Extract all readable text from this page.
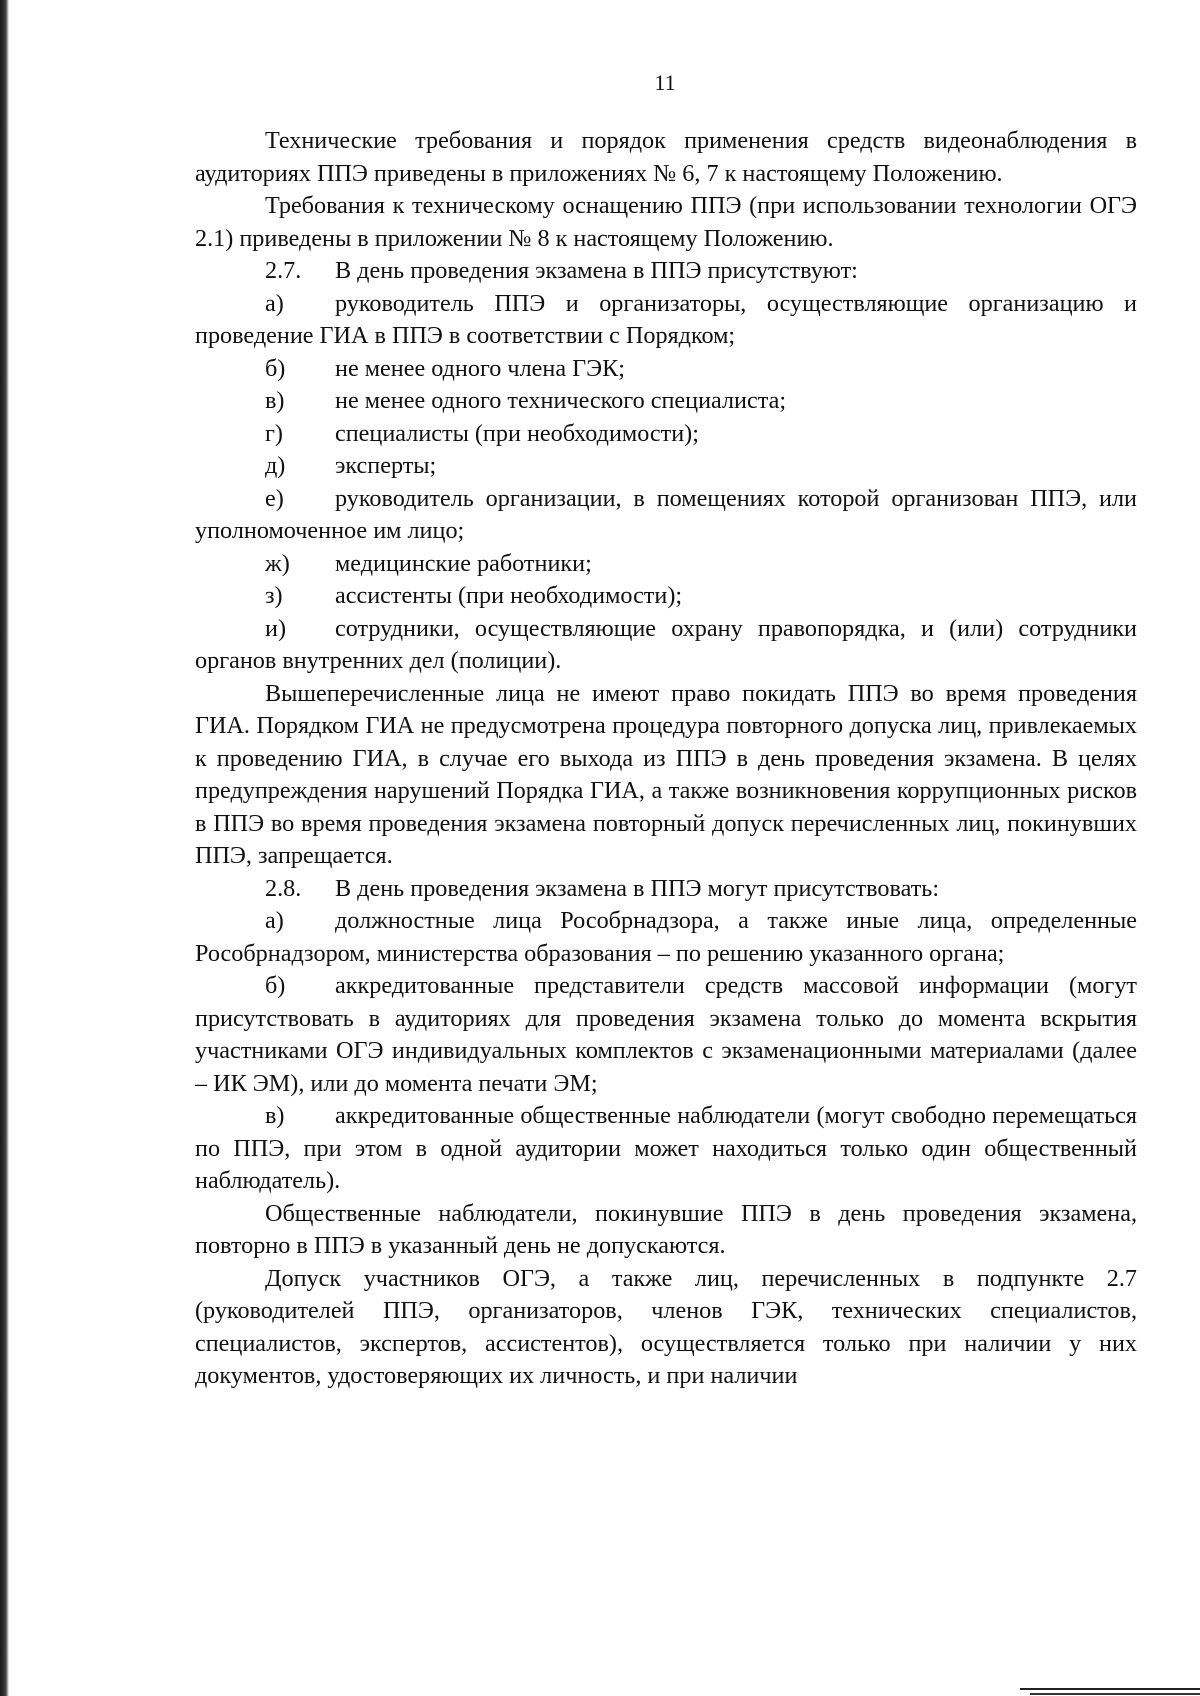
11

Технические требования и порядок применения средств видеонаблюдения в аудиториях ППЭ приведены в приложениях № 6, 7 к настоящему Положению.

Требования к техническому оснащению ППЭ (при использовании технологии ОГЭ 2.1) приведены в приложении № 8 к настоящему Положению.

2.7. В день проведения экзамена в ППЭ присутствуют:

а) руководитель ППЭ и организаторы, осуществляющие организацию и проведение ГИА в ППЭ в соответствии с Порядком;

б) не менее одного члена ГЭК;

в) не менее одного технического специалиста;

г) специалисты (при необходимости);

д) эксперты;

е) руководитель организации, в помещениях которой организован ППЭ, или уполномоченное им лицо;

ж) медицинские работники;

з) ассистенты (при необходимости);

и) сотрудники, осуществляющие охрану правопорядка, и (или) сотрудники органов внутренних дел (полиции).

Вышеперечисленные лица не имеют право покидать ППЭ во время проведения ГИА. Порядком ГИА не предусмотрена процедура повторного допуска лиц, привлекаемых к проведению ГИА, в случае его выхода из ППЭ в день проведения экзамена. В целях предупреждения нарушений Порядка ГИА, а также возникновения коррупционных рисков в ППЭ во время проведения экзамена повторный допуск перечисленных лиц, покинувших ППЭ, запрещается.

2.8. В день проведения экзамена в ППЭ могут присутствовать:

а) должностные лица Рособрнадзора, а также иные лица, определенные Рособрнадзором, министерства образования – по решению указанного органа;

б) аккредитованные представители средств массовой информации (могут присутствовать в аудиториях для проведения экзамена только до момента вскрытия участниками ОГЭ индивидуальных комплектов с экзаменационными материалами (далее – ИК ЭМ), или до момента печати ЭМ;

в) аккредитованные общественные наблюдатели (могут свободно перемещаться по ППЭ, при этом в одной аудитории может находиться только один общественный наблюдатель).

Общественные наблюдатели, покинувшие ППЭ в день проведения экзамена, повторно в ППЭ в указанный день не допускаются.

Допуск участников ОГЭ, а также лиц, перечисленных в подпункте 2.7 (руководителей ППЭ, организаторов, членов ГЭК, технических специалистов, специалистов, экспертов, ассистентов), осуществляется только при наличии у них документов, удостоверяющих их личность, и при наличии
